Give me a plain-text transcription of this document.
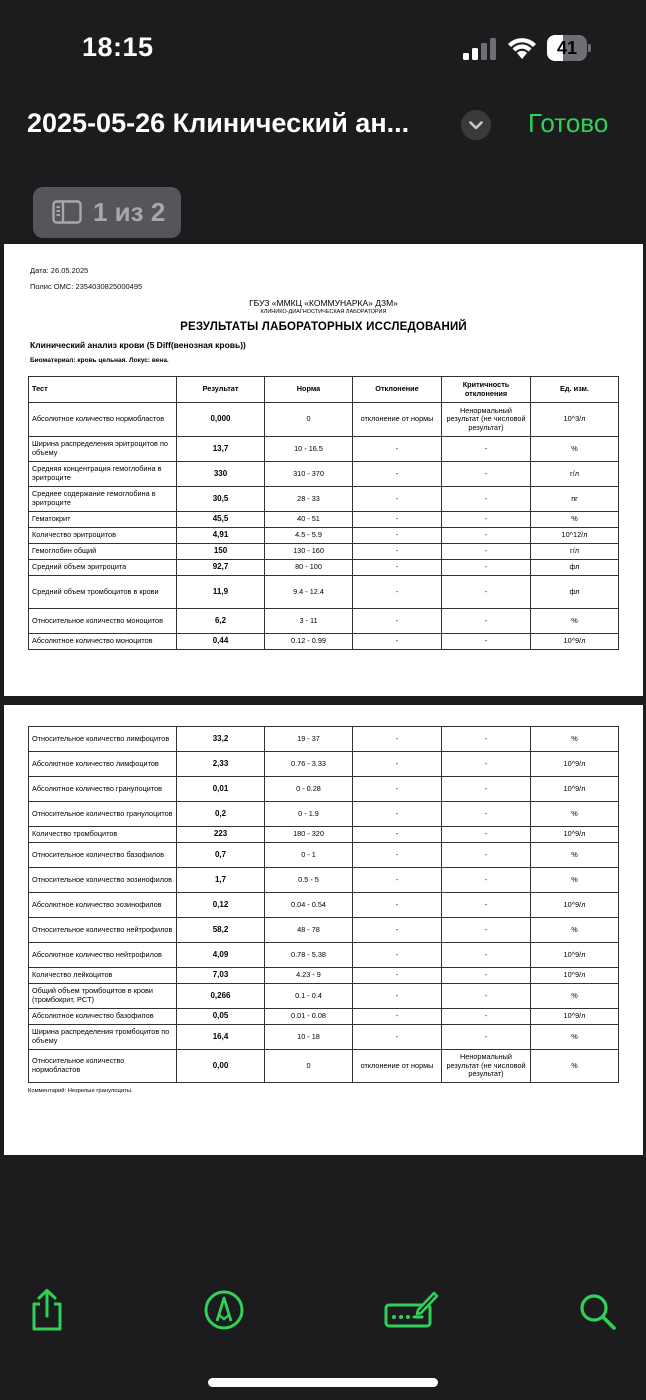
18:15	41
2025-05-26 Клинический ан...	Готово
1 из 2
Дата: 26.05.2025
Полис ОМС: 2354030825000495
ГБУЗ «ММКЦ «КОММУНАРКА» ДЗМ»
КЛИНИКО-ДИАГНОСТИЧЕСКАЯ ЛАБОРАТОРИЯ
РЕЗУЛЬТАТЫ ЛАБОРАТОРНЫХ ИССЛЕДОВАНИЙ
Клинический анализ крови (5 Diff(венозная кровь))
Биоматериал: кровь цельная. Локус: вена.
Тест	Результат	Норма	Отклонение	Критичность отклонения	Ед. изм.
Абсолютное количество нормобластов	0,000	0	отклонение от нормы	Ненормальный результат (не числовой результат)	10^3/л
Ширина распределения эритроцитов по объему	13,7	10 - 16.5	-	-	%
Средняя концентрация гемоглобина в эритроците	330	310 - 370	-	-	г/л
Среднее содержание гемоглобина в эритроците	30,5	28 - 33	-	-	пг
Гематокрит	45,5	40 - 51	-	-	%
Количество эритроцитов	4,91	4.5 - 5.9	-	-	10^12/л
Гемоглобин общий	150	130 - 160	-	-	г/л
Средний объем эритроцита	92,7	80 - 100	-	-	фл
Средний объем тромбоцитов в крови	11,9	9.4 - 12.4	-	-	фл
Относительное количество моноцитов	6,2	3 - 11	-	-	%
Абсолютное количество моноцитов	0,44	0.12 - 0.99	-	-	10^9/л
Относительное количество лимфоцитов	33,2	19 - 37	-	-	%
Абсолютное количество лимфоцитов	2,33	0.76 - 3.33	-	-	10^9/л
Абсолютное количество гранулоцитов	0,01	0 - 0.28	-	-	10^9/л
Относительное количество гранулоцитов	0,2	0 - 1.9	-	-	%
Количество тромбоцитов	223	180 - 320	-	-	10^9/л
Относительное количество базофилов	0,7	0 - 1	-	-	%
Относительное количество эозинофилов	1,7	0.5 - 5	-	-	%
Абсолютное количество эозинофилов	0,12	0.04 - 0.54	-	-	10^9/л
Относительное количество нейтрофилов	58,2	48 - 78	-	-	%
Абсолютное количество нейтрофилов	4,09	0.78 - 5.38	-	-	10^9/л
Количество лейкоцитов	7,03	4.23 - 9	-	-	10^9/л
Общий объем тромбоцитов в крови (тромбокрит, PCT)	0,266	0.1 - 0.4	-	-	%
Абсолютное количество базофилов	0,05	0.01 - 0.08	-	-	10^9/л
Ширина распределения тромбоцитов по объему	16,4	10 - 18	-	-	%
Относительное количество нормобластов	0,00	0	отклонение от нормы	Ненормальный результат (не числовой результат)	%
Комментарий: Незрелые гранулоциты.
